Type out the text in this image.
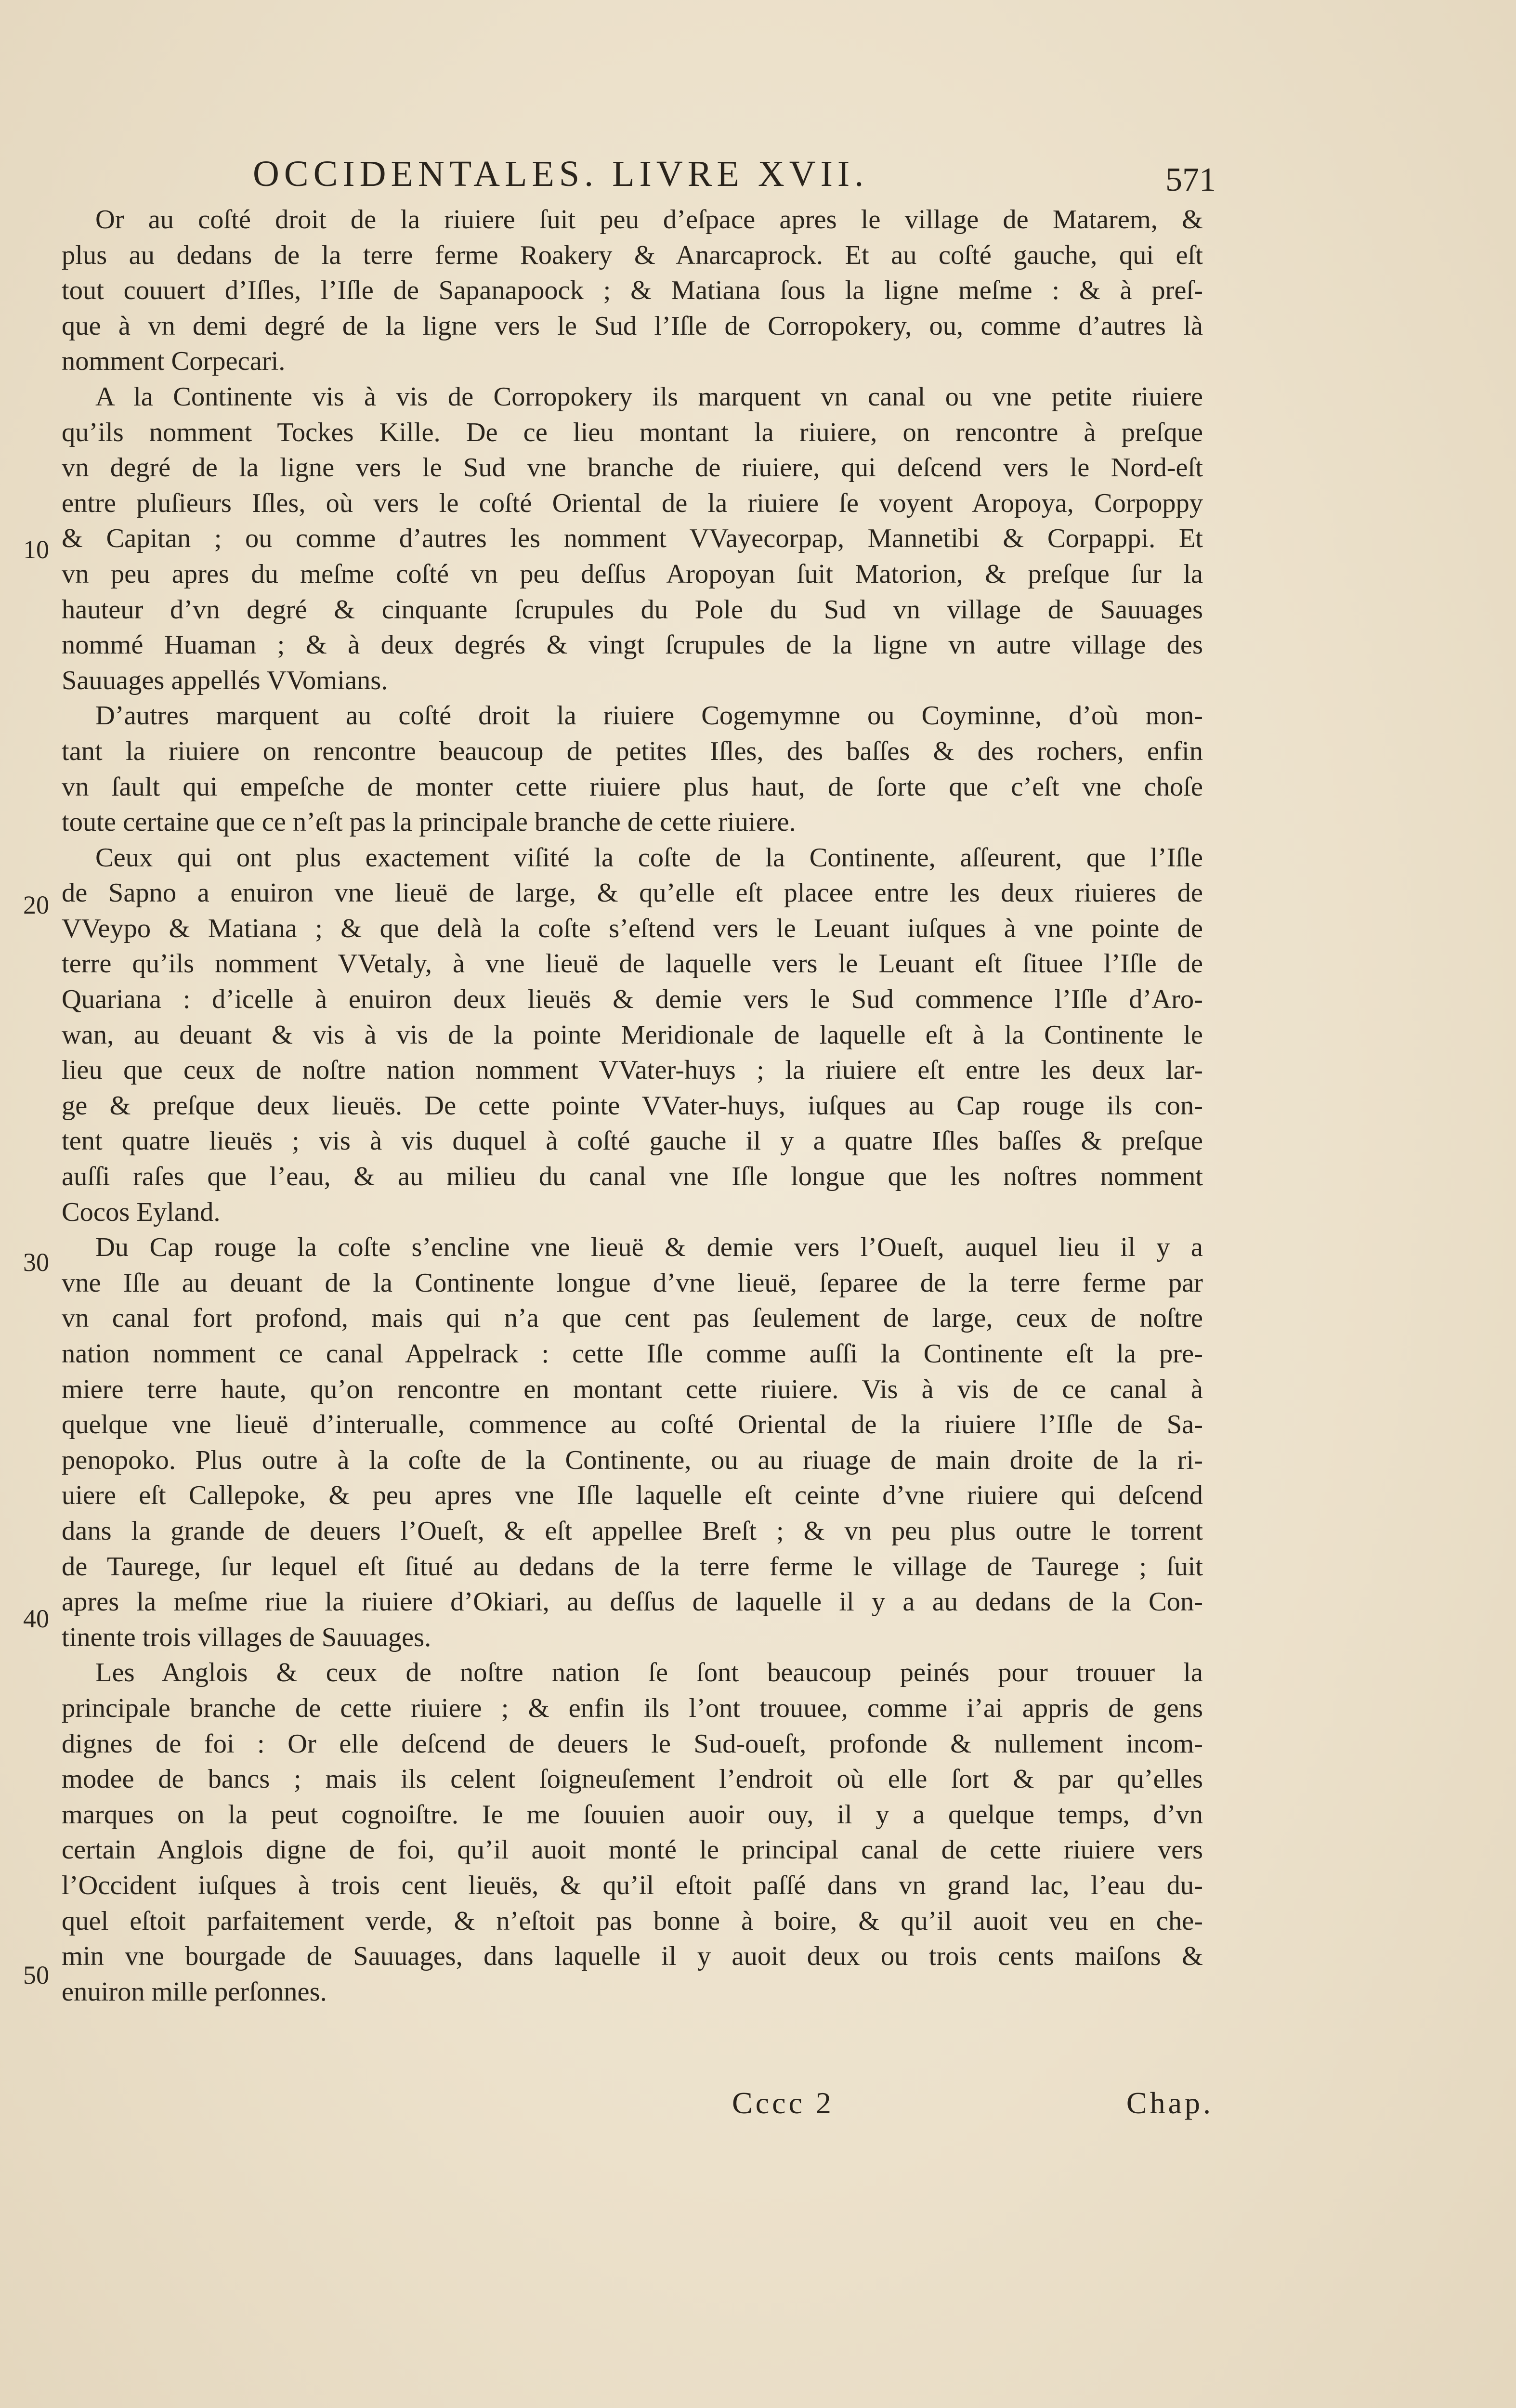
OCCIDENTALES. LIVRE XVII.	571
10
20
30
40
50
Or au coſté droit de la riuiere ſuit peu d’eſpace apres le village de Matarem, &
plus au dedans de la terre ferme Roakery & Anarcaprock. Et au coſté gauche, qui eſt
tout couuert d’Iſles, l’Iſle de Sapanapoock ; & Matiana ſous la ligne meſme : & à preſ-
que à vn demi degré de la ligne vers le Sud l’Iſle de Corropokery, ou, comme d’autres là
nomment Corpecari.
A la Continente vis à vis de Corropokery ils marquent vn canal ou vne petite riuiere
qu’ils nomment Tockes Kille. De ce lieu montant la riuiere, on rencontre à preſque
vn degré de la ligne vers le Sud vne branche de riuiere, qui deſcend vers le Nord-eſt
entre pluſieurs Iſles, où vers le coſté Oriental de la riuiere ſe voyent Aropoya, Corpoppy
& Capitan ; ou comme d’autres les nomment VVayecorpap, Mannetibi & Corpappi. Et
vn peu apres du meſme coſté vn peu deſſus Aropoyan ſuit Matorion, & preſque ſur la
hauteur d’vn degré & cinquante ſcrupules du Pole du Sud vn village de Sauuages
nommé Huaman ; & à deux degrés & vingt ſcrupules de la ligne vn autre village des
Sauuages appellés VVomians.
D’autres marquent au coſté droit la riuiere Cogemymne ou Coyminne, d’où mon-
tant la riuiere on rencontre beaucoup de petites Iſles, des baſſes & des rochers, enfin
vn ſault qui empeſche de monter cette riuiere plus haut, de ſorte que c’eſt vne choſe
toute certaine que ce n’eſt pas la principale branche de cette riuiere.
Ceux qui ont plus exactement viſité la coſte de la Continente, aſſeurent, que l’Iſle
de Sapno a enuiron vne lieuë de large, & qu’elle eſt placee entre les deux riuieres de
VVeypo & Matiana ; & que delà la coſte s’eſtend vers le Leuant iuſques à vne pointe de
terre qu’ils nomment VVetaly, à vne lieuë de laquelle vers le Leuant eſt ſituee l’Iſle de
Quariana : d’icelle à enuiron deux lieuës & demie vers le Sud commence l’Iſle d’Aro-
wan, au deuant & vis à vis de la pointe Meridionale de laquelle eſt à la Continente le
lieu que ceux de noſtre nation nomment VVater-huys ; la riuiere eſt entre les deux lar-
ge & preſque deux lieuës. De cette pointe VVater-huys, iuſques au Cap rouge ils con-
tent quatre lieuës ; vis à vis duquel à coſté gauche il y a quatre Iſles baſſes & preſque
auſſi raſes que l’eau, & au milieu du canal vne Iſle longue que les noſtres nomment
Cocos Eyland.
Du Cap rouge la coſte s’encline vne lieuë & demie vers l’Oueſt, auquel lieu il y a
vne Iſle au deuant de la Continente longue d’vne lieuë, ſeparee de la terre ferme par
vn canal fort profond, mais qui n’a que cent pas ſeulement de large, ceux de noſtre
nation nomment ce canal Appelrack : cette Iſle comme auſſi la Continente eſt la pre-
miere terre haute, qu’on rencontre en montant cette riuiere. Vis à vis de ce canal à
quelque vne lieuë d’interualle, commence au coſté Oriental de la riuiere l’Iſle de Sa-
penopoko. Plus outre à la coſte de la Continente, ou au riuage de main droite de la ri-
uiere eſt Callepoke, & peu apres vne Iſle laquelle eſt ceinte d’vne riuiere qui deſcend
dans la grande de deuers l’Oueſt, & eſt appellee Breſt ; & vn peu plus outre le torrent
de Taurege, ſur lequel eſt ſitué au dedans de la terre ferme le village de Taurege ; ſuit
apres la meſme riue la riuiere d’Okiari, au deſſus de laquelle il y a au dedans de la Con-
tinente trois villages de Sauuages.
Les Anglois & ceux de noſtre nation ſe ſont beaucoup peinés pour trouuer la
principale branche de cette riuiere ; & enfin ils l’ont trouuee, comme i’ai appris de gens
dignes de foi : Or elle deſcend de deuers le Sud-oueſt, profonde & nullement incom-
modee de bancs ; mais ils celent ſoigneuſement l’endroit où elle ſort & par qu’elles
marques on la peut cognoiſtre. Ie me ſouuien auoir ouy, il y a quelque temps, d’vn
certain Anglois digne de foi, qu’il auoit monté le principal canal de cette riuiere vers
l’Occident iuſques à trois cent lieuës, & qu’il eſtoit paſſé dans vn grand lac, l’eau du-
quel eſtoit parfaitement verde, & n’eſtoit pas bonne à boire, & qu’il auoit veu en che-
min vne bourgade de Sauuages, dans laquelle il y auoit deux ou trois cents maiſons &
enuiron mille perſonnes.
Cccc 2	Chap.
